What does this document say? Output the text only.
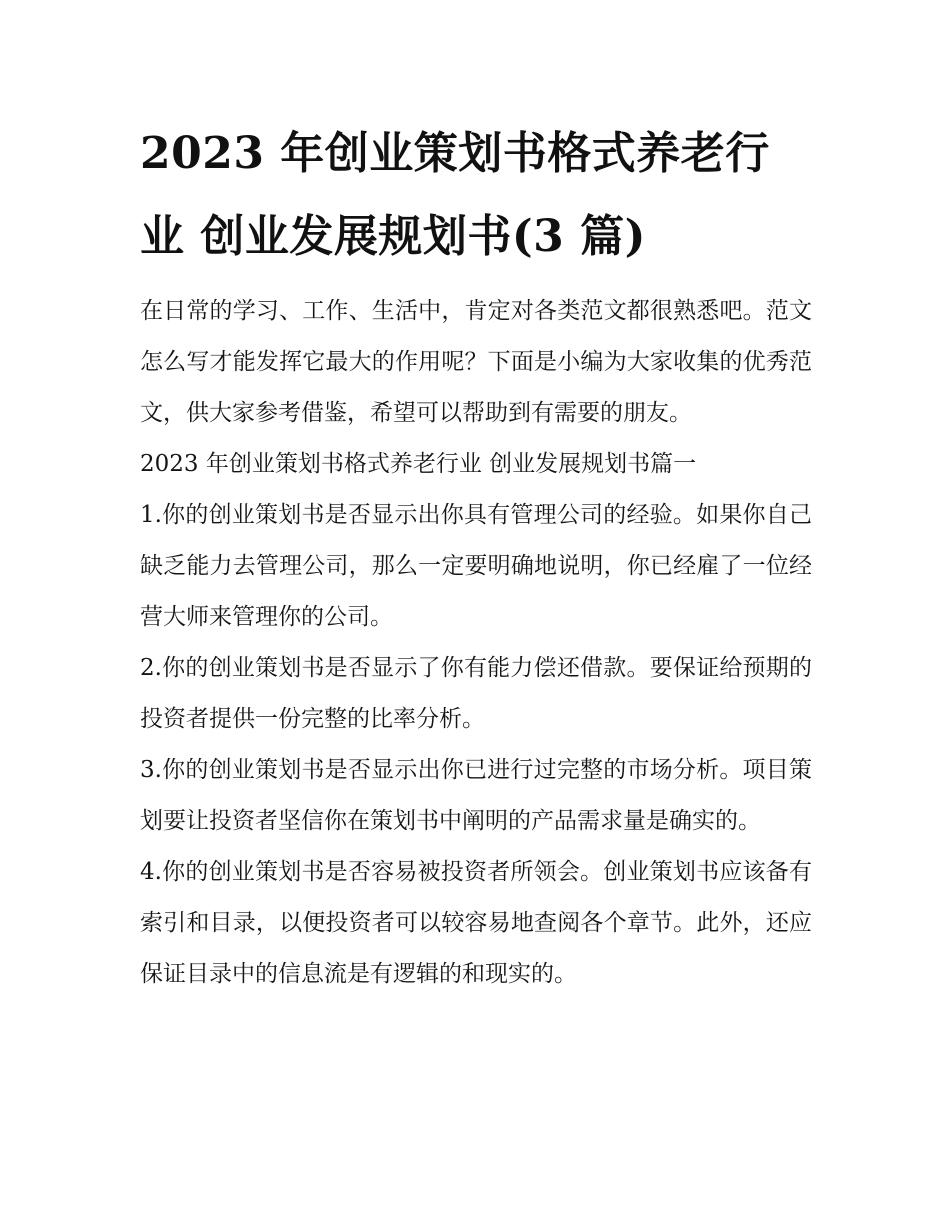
2023 年创业策划书格式养老行业 创业发展规划书(3 篇)

在日常的学习、工作、生活中，肯定对各类范文都很熟悉吧。范文怎么写才能发挥它最大的作用呢？下面是小编为大家收集的优秀范文，供大家参考借鉴，希望可以帮助到有需要的朋友。

2023 年创业策划书格式养老行业 创业发展规划书篇一

1.你的创业策划书是否显示出你具有管理公司的经验。如果你自己缺乏能力去管理公司，那么一定要明确地说明，你已经雇了一位经营大师来管理你的公司。

2.你的创业策划书是否显示了你有能力偿还借款。要保证给预期的投资者提供一份完整的比率分析。

3.你的创业策划书是否显示出你已进行过完整的市场分析。项目策划要让投资者坚信你在策划书中阐明的产品需求量是确实的。

4.你的创业策划书是否容易被投资者所领会。创业策划书应该备有索引和目录，以便投资者可以较容易地查阅各个章节。此外，还应保证目录中的信息流是有逻辑的和现实的。
